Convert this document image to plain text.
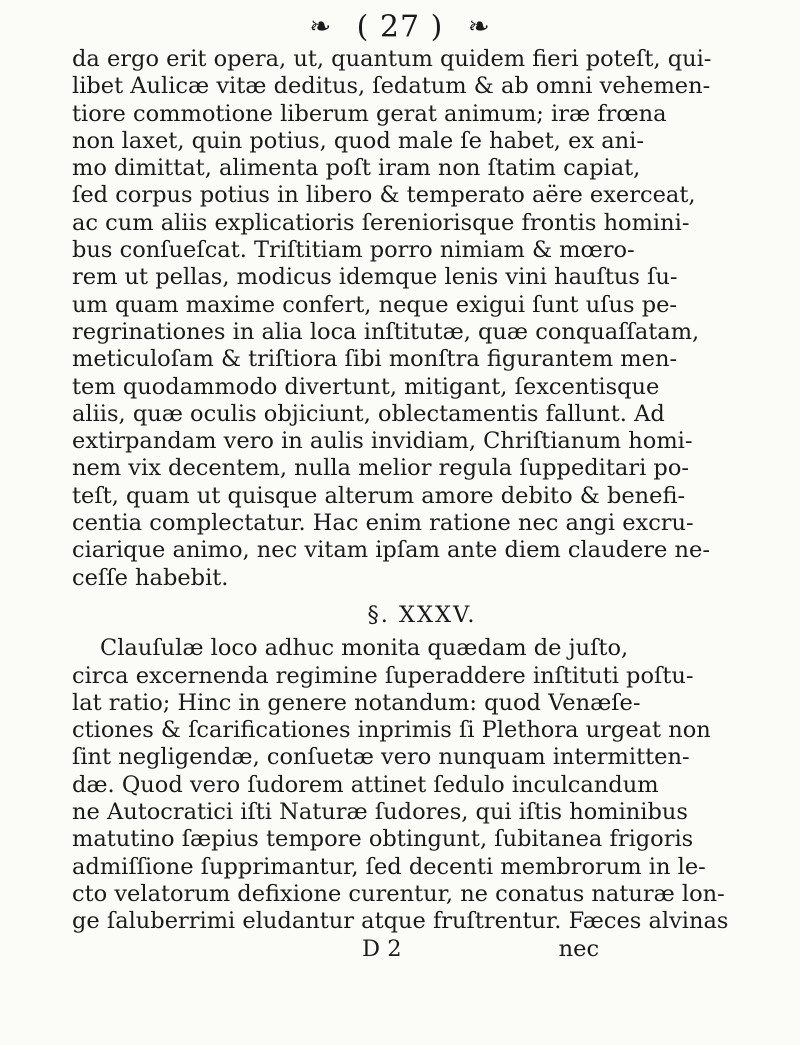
❧ ( 27 ) ❧
da ergo erit opera, ut, quantum quidem fieri poteſt, qui-
libet Aulicæ vitæ deditus, ſedatum & ab omni vehemen-
tiore commotione liberum gerat animum; iræ frœna
non laxet, quin potius, quod male ſe habet, ex ani-
mo dimittat, alimenta poſt iram non ſtatim capiat,
ſed corpus potius in libero & temperato aëre exerceat,
ac cum aliis explicatioris ſereniorisque frontis homini-
bus conſueſcat. Triſtitiam porro nimiam & mœro-
rem ut pellas, modicus idemque lenis vini hauſtus ſu-
um quam maxime confert, neque exigui ſunt uſus pe-
regrinationes in alia loca inſtitutæ, quæ conquaſſatam,
meticuloſam & triſtiora ſibi monſtra figurantem men-
tem quodammodo divertunt, mitigant, ſexcentisque
aliis, quæ oculis objiciunt, oblectamentis fallunt. Ad
extirpandam vero in aulis invidiam, Chriſtianum homi-
nem vix decentem, nulla melior regula ſuppeditari po-
teſt, quam ut quisque alterum amore debito & benefi-
centia complectatur. Hac enim ratione nec angi excru-
ciarique animo, nec vitam ipſam ante diem claudere ne-
ceſſe habebit.
§. XXXV.
Clauſulæ loco adhuc monita quædam de juſto,
circa excernenda regimine ſuperaddere inſtituti poſtu-
lat ratio; Hinc in genere notandum: quod Venæſe-
ctiones & ſcarificationes inprimis ſi Plethora urgeat non
ſint negligendæ, conſuetæ vero nunquam intermitten-
dæ. Quod vero ſudorem attinet ſedulo inculcandum
ne Autocratici iſti Naturæ ſudores, qui iſtis hominibus
matutino ſæpius tempore obtingunt, ſubitanea frigoris
admiſſione ſupprimantur, ſed decenti membrorum in le-
cto velatorum defixione curentur, ne conatus naturæ lon-
ge ſaluberrimi eludantur atque fruſtrentur. Fæces alvinas
D 2	nec
